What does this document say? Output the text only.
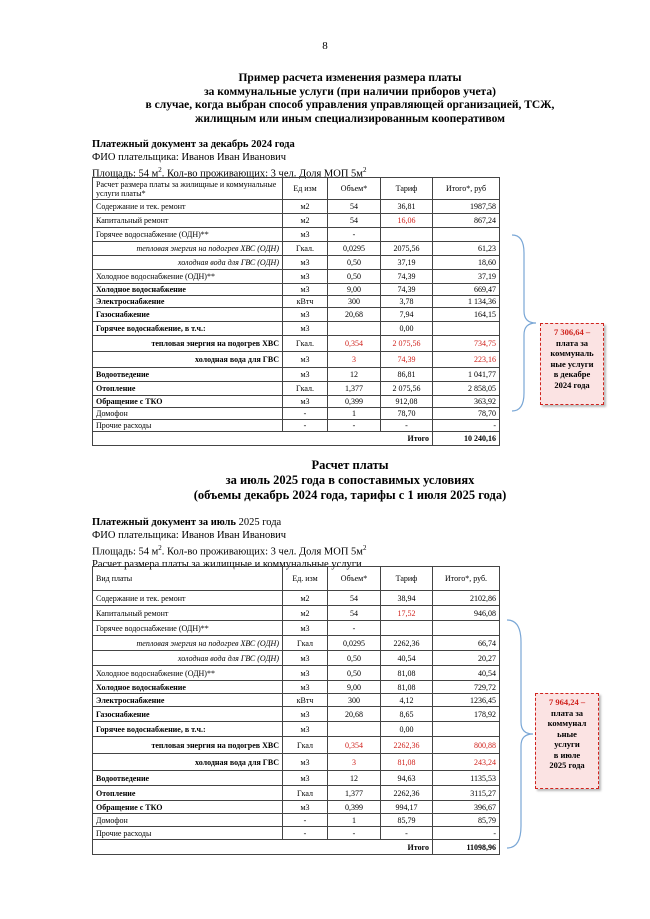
8
Пример расчета изменения размера платы
за коммунальные услуги (при наличии приборов учета)
в случае, когда выбран способ управления управляющей организацией, ТСЖ,
жилищным или иным специализированным кооперативом
Платежный документ за декабрь 2024 года
ФИО плательщика: Иванов Иван Иванович
Площадь: 54 $м^2$. Кол-во проживающих: 3 чел. Доля МОП $5м^2$
Расчет размера платы за жилищные и коммунальные услуги платы*	Ед изм	Объем*	Тариф	Итого*, руб
Содержание и тек. ремонт	м2	54	36,81	1987,58
Капитальный ремонт	м2	54	16,06	867,24
Горячее водоснабжение (ОДН)**	м3	-		
тепловая энергия на подогрев ХВС (ОДН)	Гкал.	0,0295	2075,56	61,23
холодная вода для ГВС (ОДН)	м3	0,50	37,19	18,60
Холодное водоснабжение (ОДН)**	м3	0,50	74,39	37,19
Холодное водоснабжение	м3	9,00	74,39	669,47
Электроснабжение	кВтч	300	3,78	1 134,36
Газоснабжение	м3	20,68	7,94	164,15
Горячее водоснабжение, в т.ч.:	м3		0,00	
тепловая энергия на подогрев ХВС	Гкал.	0,354	2 075,56	734,75
холодная вода для ГВС	м3	3	74,39	223,16
Водоотведение	м3	12	86,81	1 041,77
Отопление	Гкал.	1,377	2 075,56	2 858,05
Обращение с ТКО	м3	0,399	912,08	363,92
Домофон	-	1	78,70	78,70
Прочие расходы	-	-	-	-
Итого				10 240,16
7 306,64 –
плата за
коммуналь
ные услуги
в декабре
2024 года
Расчет платы
за июль 2025 года в сопоставимых условиях
(объемы декабрь 2024 года, тарифы с 1 июля 2025 года)
Платежный документ за июль 2025 года
ФИО плательщика: Иванов Иван Иванович
Площадь: 54 $м^2$. Кол-во проживающих: 3 чел. Доля МОП $5м^2$
Расчет размера платы за жилищные и коммунальные услуги
Вид платы	Ед. изм	Объем*	Тариф	Итого*, руб.
Содержание и тек. ремонт	м2	54	38,94	2102,86
Капитальный ремонт	м2	54	17,52	946,08
Горячее водоснабжение (ОДН)**	м3	-		
тепловая энергия на подогрев ХВС (ОДН)	Гкал	0,0295	2262,36	66,74
холодная вода для ГВС (ОДН)	м3	0,50	40,54	20,27
Холодное водоснабжение (ОДН)**	м3	0,50	81,08	40,54
Холодное водоснабжение	м3	9,00	81,08	729,72
Электроснабжение	кВтч	300	4,12	1236,45
Газоснабжение	м3	20,68	8,65	178,92
Горячее водоснабжение, в т.ч.:	м3		0,00	
тепловая энергия на подогрев ХВС	Гкал	0,354	2262,36	800,88
холодная вода для ГВС	м3	3	81,08	243,24
Водоотведение	м3	12	94,63	1135,53
Отопление	Гкал	1,377	2262,36	3115,27
Обращение с ТКО	м3	0,399	994,17	396,67
Домофон	-	1	85,79	85,79
Прочие расходы	-	-	-	-
Итого				11098,96
7 964,24 –
плата за
коммунал
ьные
услуги
в июле
2025 года
